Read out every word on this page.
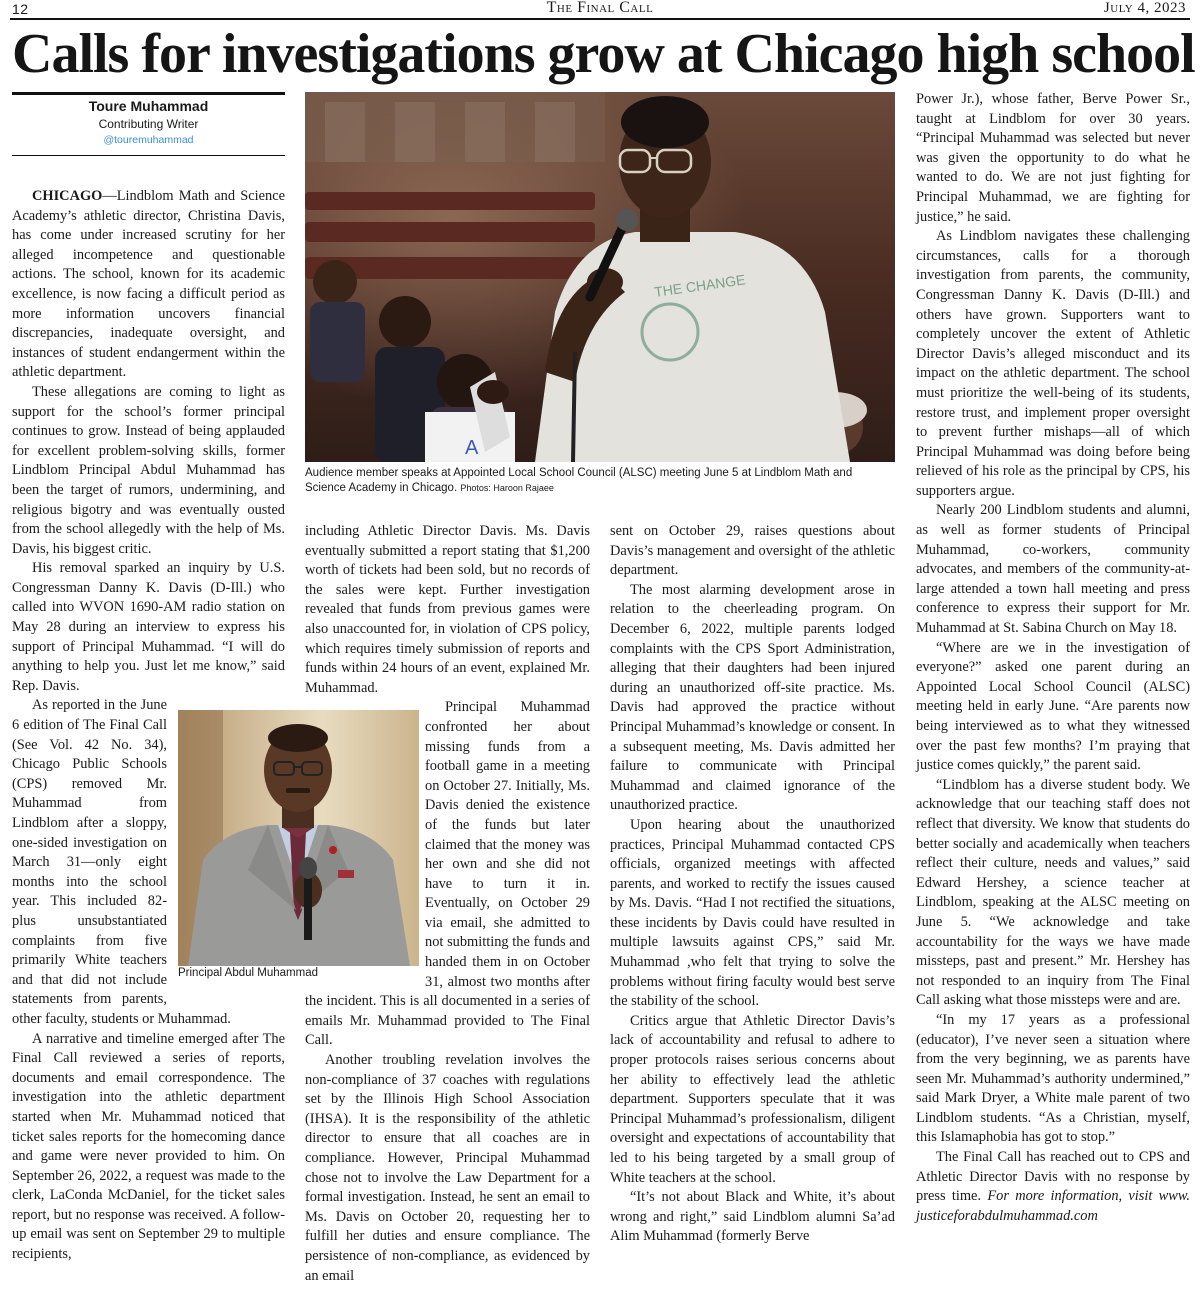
12	The Final Call	July 4, 2023
Calls for investigations grow at Chicago high school
Toure Muhammad
Contributing Writer
@touremuhammad

CHICAGO—Lindblom Math and Science Academy’s athletic director, Christina Davis, has come under increased scrutiny for her alleged incompetence and questionable actions. The school, known for its academic excellence, is now facing a difficult period as more information uncovers financial discrepancies, inadequate oversight, and instances of student endangerment within the athletic department.

These allegations are coming to light as support for the school’s former principal continues to grow. Instead of being applauded for excellent problem-solving skills, former Lindblom Principal Abdul Muhammad has been the target of rumors, undermining, and religious bigotry and was eventually ousted from the school allegedly with the help of Ms. Davis, his biggest critic.

His removal sparked an inquiry by U.S. Congressman Danny K. Davis (D-Ill.) who called into WVON 1690-AM radio station on May 28 during an interview to express his support of Principal Muhammad. “I will do anything to help you. Just let me know,” said Rep. Davis.

As reported in the June 6 edition of The Final Call (See Vol. 42 No. 34), Chicago Public Schools (CPS) removed Mr. Muhammad from Lindblom after a sloppy, one-sided investigation on March 31—only eight months into the school year. This included 82-plus unsubstantiated complaints from five primarily White teachers and that did not include statements from parents, other faculty, students or Muhammad.

A narrative and timeline emerged after The Final Call reviewed a series of reports, documents and email correspondence. The investigation into the athletic department started when Mr. Muhammad noticed that ticket sales reports for the homecoming dance and game were never provided to him. On September 26, 2022, a request was made to the clerk, LaConda McDaniel, for the ticket sales report, but no response was received. A follow-up email was sent on September 29 to multiple recipients,

including Athletic Director Davis. Ms. Davis eventually submitted a report stating that $1,200 worth of tickets had been sold, but no records of the sales were kept. Further investigation revealed that funds from previous games were also unaccounted for, in violation of CPS policy, which requires timely submission of reports and funds within 24 hours of an event, explained Mr. Muhammad.

Principal Muhammad confronted her about missing funds from a football game in a meeting on October 27. Initially, Ms. Davis denied the existence of the funds but later claimed that the money was her own and she did not have to turn it in. Eventually, on October 29 via email, she admitted to not submitting the funds and handed them in on October 31, almost two months after the incident. This is all documented in a series of emails Mr. Muhammad provided to The Final Call.

Another troubling revelation involves the non-compliance of 37 coaches with regulations set by the Illinois High School Association (IHSA). It is the responsibility of the athletic director to ensure that all coaches are in compliance. However, Principal Muhammad chose not to involve the Law Department for a formal investigation. Instead, he sent an email to Ms. Davis on October 20, requesting her to fulfill her duties and ensure compliance. The persistence of non-compliance, as evidenced by an email

sent on October 29, raises questions about Davis’s management and oversight of the athletic department.

The most alarming development arose in relation to the cheerleading program. On December 6, 2022, multiple parents lodged complaints with the CPS Sport Administration, alleging that their daughters had been injured during an unauthorized off-site practice. Ms. Davis had approved the practice without Principal Muhammad’s knowledge or consent. In a subsequent meeting, Ms. Davis admitted her failure to communicate with Principal Muhammad and claimed ignorance of the unauthorized practice.

Upon hearing about the unauthorized practices, Principal Muhammad contacted CPS officials, organized meetings with affected parents, and worked to rectify the issues caused by Ms. Davis. “Had I not rectified the situations, these incidents by Davis could have resulted in multiple lawsuits against CPS,” said Mr. Muhammad ,who felt that trying to solve the problems without firing faculty would best serve the stability of the school.

Critics argue that Athletic Director Davis’s lack of accountability and refusal to adhere to proper protocols raises serious concerns about her ability to effectively lead the athletic department. Supporters speculate that it was Principal Muhammad’s professionalism, diligent oversight and expectations of accountability that led to his being targeted by a small group of White teachers at the school.

“It’s not about Black and White, it’s about wrong and right,” said Lindblom alumni Sa’ad Alim Muhammad (formerly Berve

Power Jr.), whose father, Berve Power Sr., taught at Lindblom for over 30 years. “Principal Muhammad was selected but never was given the opportunity to do what he wanted to do. We are not just fighting for Principal Muhammad, we are fighting for justice,” he said.

As Lindblom navigates these challenging circumstances, calls for a thorough investigation from parents, the community, Congressman Danny K. Davis (D-Ill.) and others have grown. Supporters want to completely uncover the extent of Athletic Director Davis’s alleged misconduct and its impact on the athletic department. The school must prioritize the well-being of its students, restore trust, and implement proper oversight to prevent further mishaps—all of which Principal Muhammad was doing before being relieved of his role as the principal by CPS, his supporters argue.

Nearly 200 Lindblom students and alumni, as well as former students of Principal Muhammad, co-workers, community advocates, and members of the community-at-large attended a town hall meeting and press conference to express their support for Mr. Muhammad at St. Sabina Church on May 18.

“Where are we in the investigation of everyone?” asked one parent during an Appointed Local School Council (ALSC) meeting held in early June. “Are parents now being interviewed as to what they witnessed over the past few months? I’m praying that justice comes quickly,” the parent said.

“Lindblom has a diverse student body. We acknowledge that our teaching staff does not reflect that diversity. We know that students do better socially and academically when teachers reflect their culture, needs and values,” said Edward Hershey, a science teacher at Lindblom, speaking at the ALSC meeting on June 5. “We acknowledge and take accountability for the ways we have made missteps, past and present.” Mr. Hershey has not responded to an inquiry from The Final Call asking what those missteps were and are.

“In my 17 years as a professional (educator), I’ve never seen a situation where from the very beginning, we as parents have seen Mr. Muhammad’s authority undermined,” said Mark Dryer, a White male parent of two Lindblom students. “As a Christian, myself, this Islamaphobia has got to stop.”

The Final Call has reached out to CPS and Athletic Director Davis with no response by press time. For more information, visit www. justiceforabdulmuhammad.com

A
THE CHANGE
Audience member speaks at Appointed Local School Council (ALSC) meeting June 5 at Lindblom Math and Science Academy in Chicago. Photos: Haroon Rajaee
Principal Abdul Muhammad
